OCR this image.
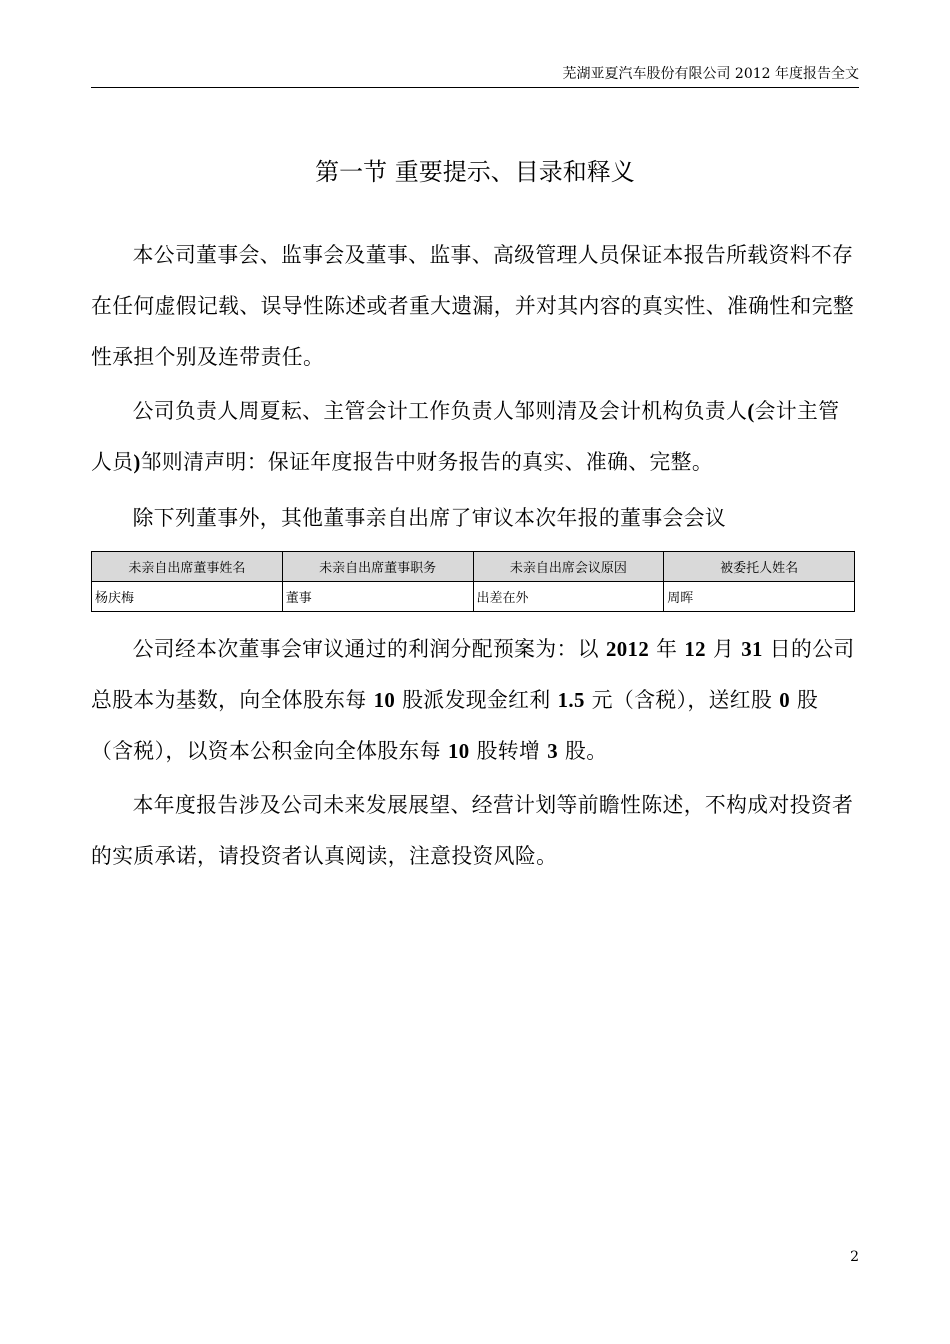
芜湖亚夏汽车股份有限公司 2012 年度报告全文
第一节 重要提示、目录和释义

本公司董事会、监事会及董事、监事、高级管理人员保证本报告所载资料不存在任何虚假记载、误导性陈述或者重大遗漏，并对其内容的真实性、准确性和完整性承担个别及连带责任。

公司负责人周夏耘、主管会计工作负责人邹则清及会计机构负责人(会计主管人员)邹则清声明：保证年度报告中财务报告的真实、准确、完整。

除下列董事外，其他董事亲自出席了审议本次年报的董事会会议

未亲自出席董事姓名	未亲自出席董事职务	未亲自出席会议原因	被委托人姓名
杨庆梅	董事	出差在外	周晖

公司经本次董事会审议通过的利润分配预案为：以 2012 年 12 月 31 日的公司总股本为基数，向全体股东每 10 股派发现金红利 1.5 元（含税），送红股 0 股（含税），以资本公积金向全体股东每 10 股转增 3 股。

本年度报告涉及公司未来发展展望、经营计划等前瞻性陈述，不构成对投资者的实质承诺，请投资者认真阅读，注意投资风险。

2
